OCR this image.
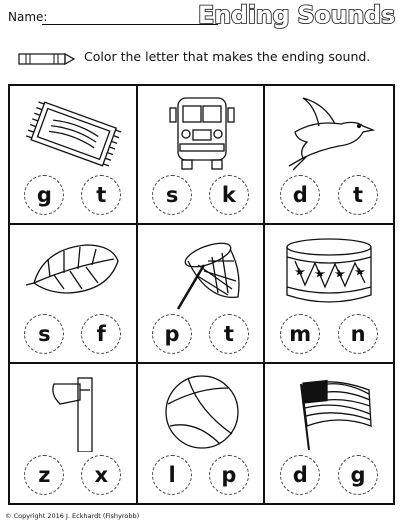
Name:	Ending Sounds
Color the letter that makes the ending sound.
g	t	s	k	d	t
s	f	p	t	m	n
z	x	l	p	d	g
© Copyright 2016 J. Eckhardt (Fishyrobb)
